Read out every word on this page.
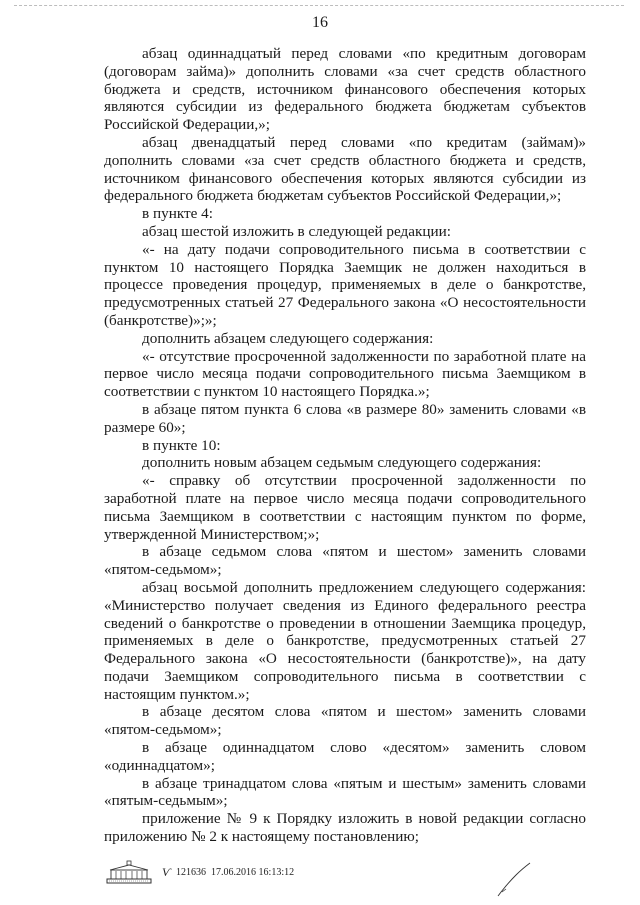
16

абзац одиннадцатый перед словами «по кредитным договорам (договорам займа)» дополнить словами «за счет средств областного бюджета и средств, источником финансового обеспечения которых являются субсидии из федерального бюджета бюджетам субъектов Российской Федерации,»;

абзац двенадцатый перед словами «по кредитам (займам)» дополнить словами «за счет средств областного бюджета и средств, источником финансового обеспечения которых являются субсидии из федерального бюджета бюджетам субъектов Российской Федерации,»;

в пункте 4:

абзац шестой изложить в следующей редакции:

«- на дату подачи сопроводительного письма в соответствии с пунктом 10 настоящего Порядка Заемщик не должен находиться в процессе проведения процедур, применяемых в деле о банкротстве, предусмотренных статьей 27 Федерального закона «О несостоятельности (банкротстве)»;»;

дополнить абзацем следующего содержания:

«- отсутствие просроченной задолженности по заработной плате на первое число месяца подачи сопроводительного письма Заемщиком в соответствии с пунктом 10 настоящего Порядка.»;

в абзаце пятом пункта 6 слова «в размере 80» заменить словами «в размере 60»;

в пункте 10:

дополнить новым абзацем седьмым следующего содержания:

«- справку об отсутствии просроченной задолженности по заработной плате на первое число месяца подачи сопроводительного письма Заемщиком в соответствии с настоящим пунктом по форме, утвержденной Министерством;»;

в абзаце седьмом слова «пятом и шестом» заменить словами «пятом-седьмом»;

абзац восьмой дополнить предложением следующего содержания: «Министерство получает сведения из Единого федерального реестра сведений о банкротстве о проведении в отношении Заемщика процедур, применяемых в деле о банкротстве, предусмотренных статьей 27 Федерального закона «О несостоятельности (банкротстве)», на дату подачи Заемщиком сопроводительного письма в соответствии с настоящим пунктом.»;

в абзаце десятом слова «пятом и шестом» заменить словами «пятом-седьмом»;

в абзаце одиннадцатом слово «десятом» заменить словом «одиннадцатом»;

в абзаце тринадцатом слова «пятым и шестым» заменить словами «пятым-седьмым»;

приложение № 9 к Порядку изложить в новой редакции согласно приложению № 2 к настоящему постановлению;

Ѵ 121636
17.06.2016 16:13:12
